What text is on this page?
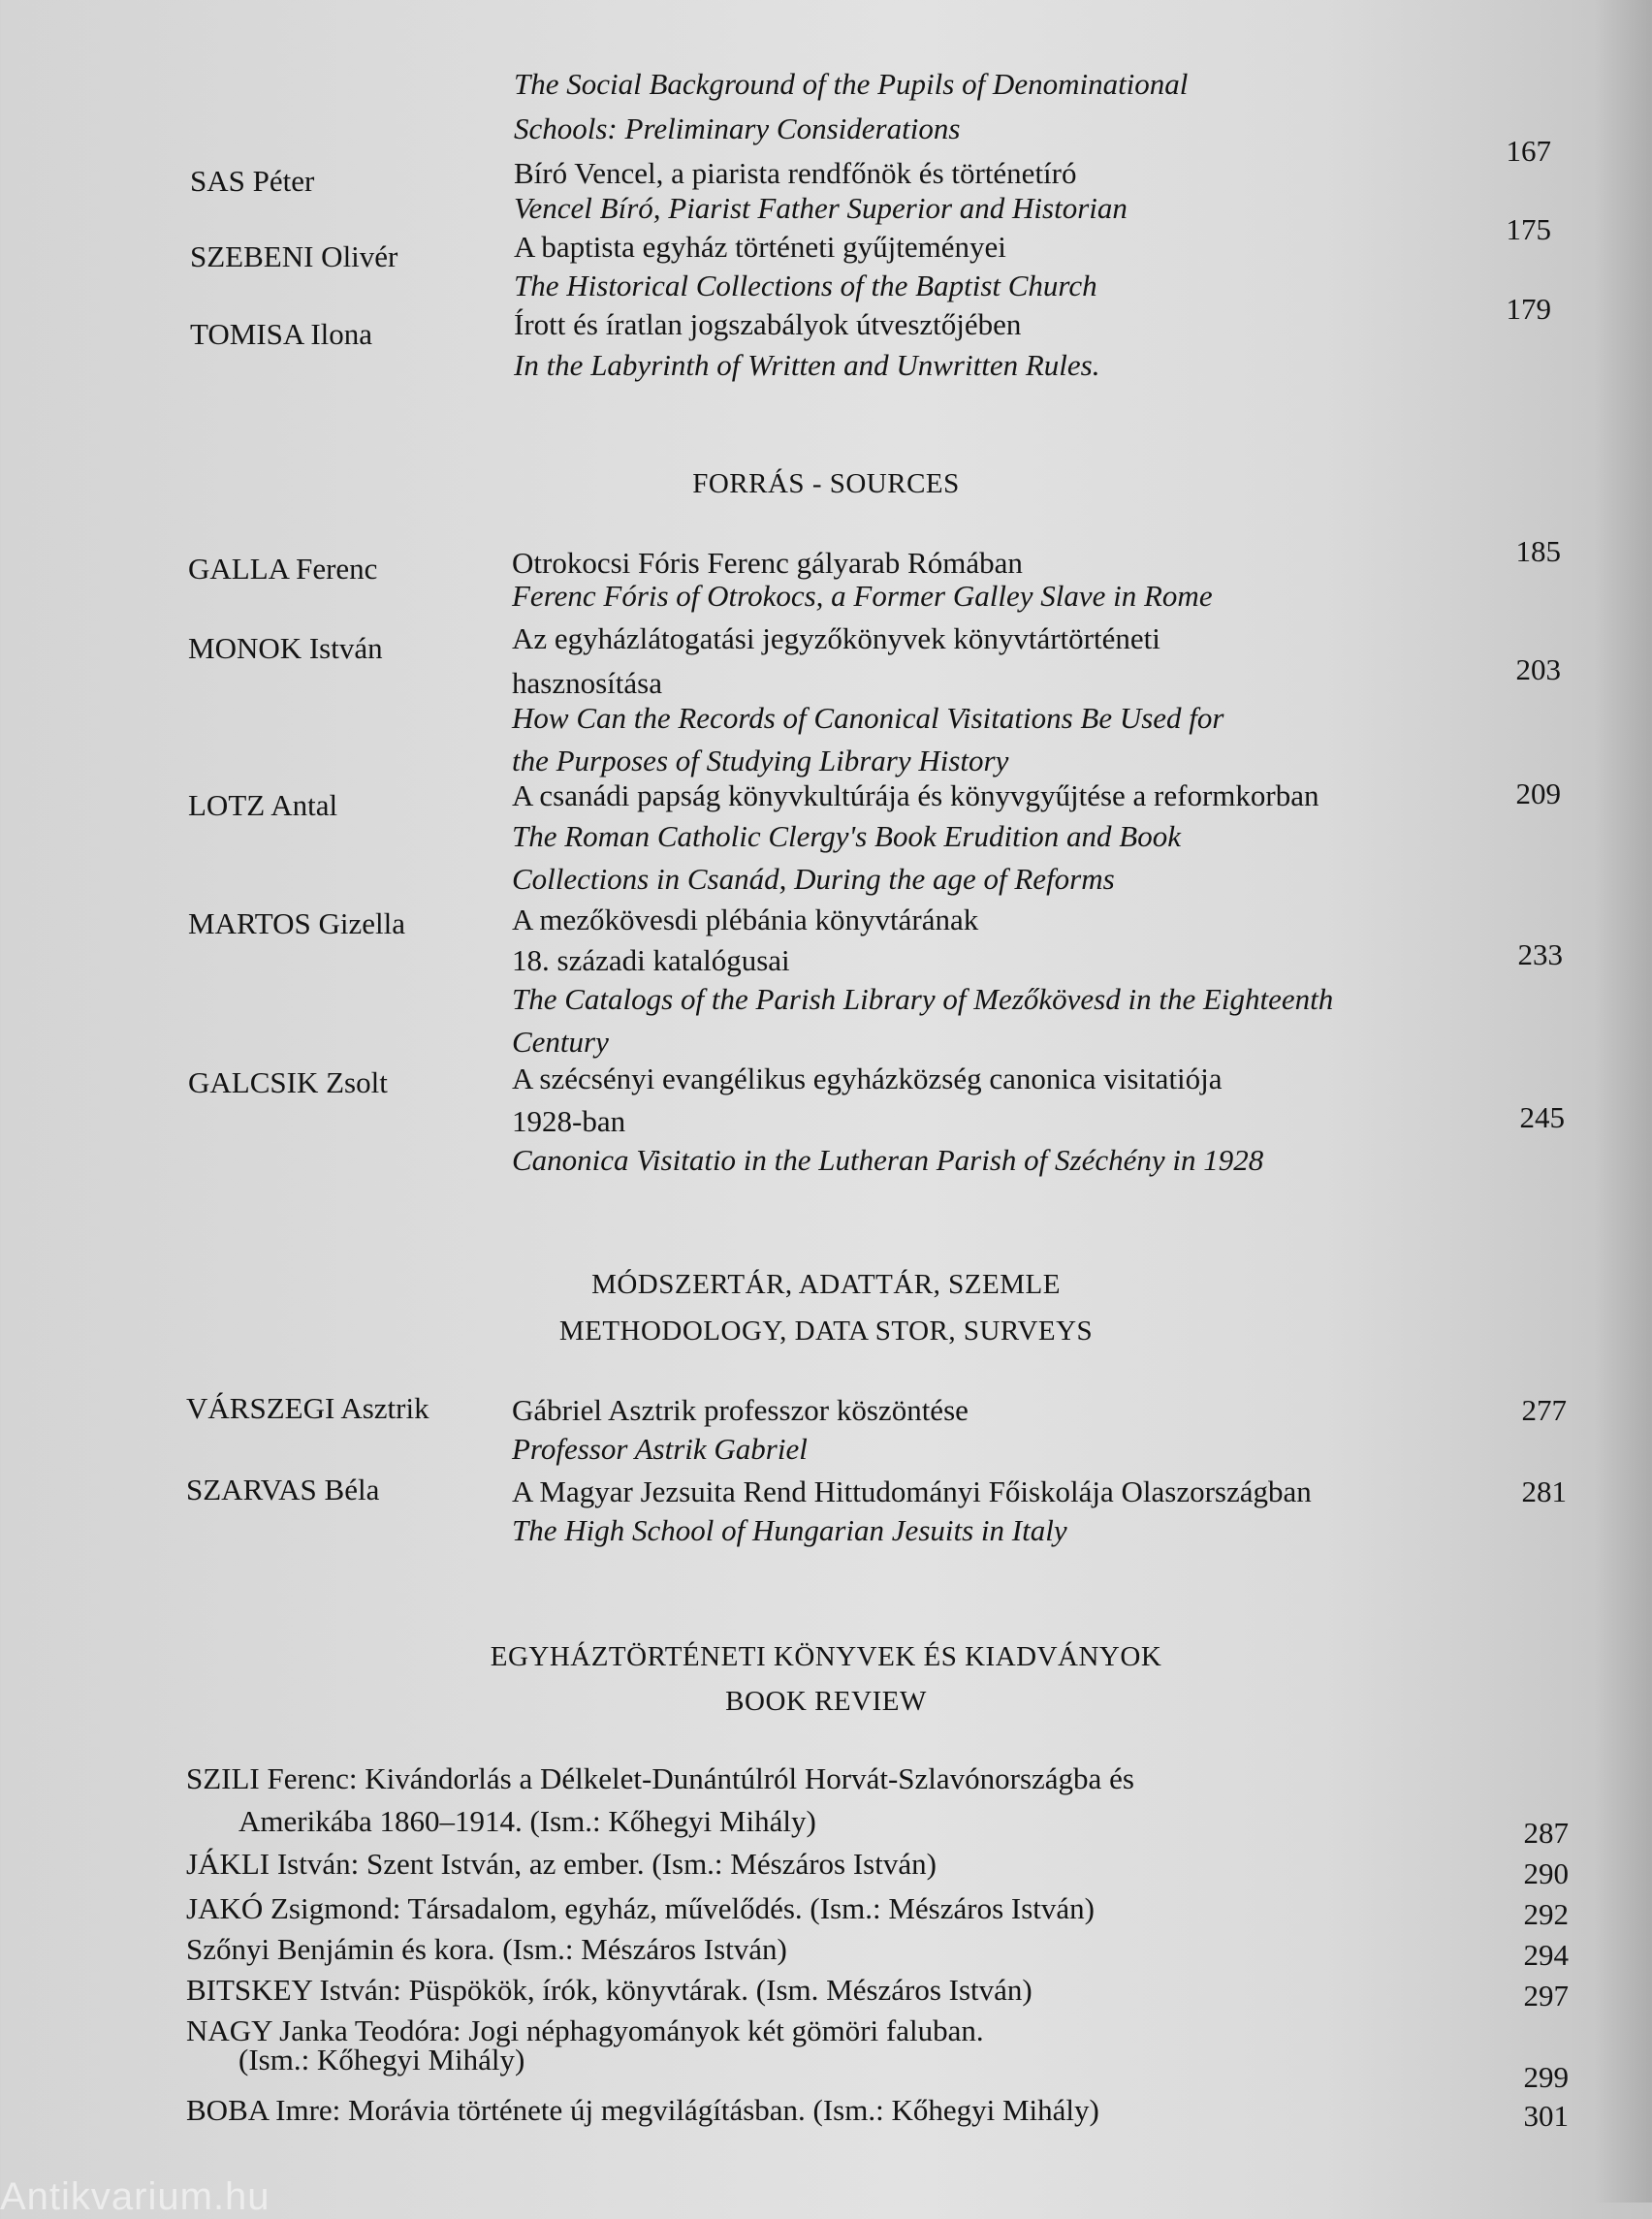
The Social Background of the Pupils of Denominational
Schools: Preliminary Considerations
167
SAS Péter	Bíró Vencel, a piarista rendfőnök és történetíró
Vencel Bíró, Piarist Father Superior and Historian
175
SZEBENI Olivér	A baptista egyház történeti gyűjteményei
The Historical Collections of the Baptist Church
179
TOMISA Ilona	Írott és íratlan jogszabályok útvesztőjében
In the Labyrinth of Written and Unwritten Rules.
FORRÁS - SOURCES
GALLA Ferenc	Otrokocsi Fóris Ferenc gályarab Rómában
Ferenc Fóris of Otrokocs, a Former Galley Slave in Rome
185
MONOK István	Az egyházlátogatási jegyzőkönyvek könyvtártörténeti
hasznosítása
How Can the Records of Canonical Visitations Be Used for
the Purposes of Studying Library History
203
LOTZ Antal	A csanádi papság könyvkultúrája és könyvgyűjtése a reformkorban
The Roman Catholic Clergy's Book Erudition and Book
Collections in Csanád, During the age of Reforms
209
MARTOS Gizella	A mezőkövesdi plébánia könyvtárának
18. századi katalógusai
The Catalogs of the Parish Library of Mezőkövesd in the Eighteenth
Century
233
GALCSIK Zsolt	A szécsényi evangélikus egyházközség canonica visitatiója
1928-ban
Canonica Visitatio in the Lutheran Parish of Széchény in 1928
245
MÓDSZERTÁR, ADATTÁR, SZEMLE
METHODOLOGY, DATA STOR, SURVEYS
VÁRSZEGI Asztrik	Gábriel Asztrik professzor köszöntése
Professor Astrik Gabriel
277
SZARVAS Béla	A Magyar Jezsuita Rend Hittudományi Főiskolája Olaszországban
The High School of Hungarian Jesuits in Italy
281
EGYHÁZTÖRTÉNETI KÖNYVEK ÉS KIADVÁNYOK
BOOK REVIEW
SZILI Ferenc: Kivándorlás a Délkelet-Dunántúlról Horvát-Szlavónországba és
Amerikába 1860–1914. (Ism.: Kőhegyi Mihály)	287
JÁKLI István: Szent István, az ember. (Ism.: Mészáros István)	290
JAKÓ Zsigmond: Társadalom, egyház, művelődés. (Ism.: Mészáros István)	292
Szőnyi Benjámin és kora. (Ism.: Mészáros István)	294
BITSKEY István: Püspökök, írók, könyvtárak. (Ism. Mészáros István)	297
NAGY Janka Teodóra: Jogi néphagyományok két gömöri faluban.
(Ism.: Kőhegyi Mihály)
299
BOBA Imre: Morávia története új megvilágításban. (Ism.: Kőhegyi Mihály)	301
Antikvarium.hu
